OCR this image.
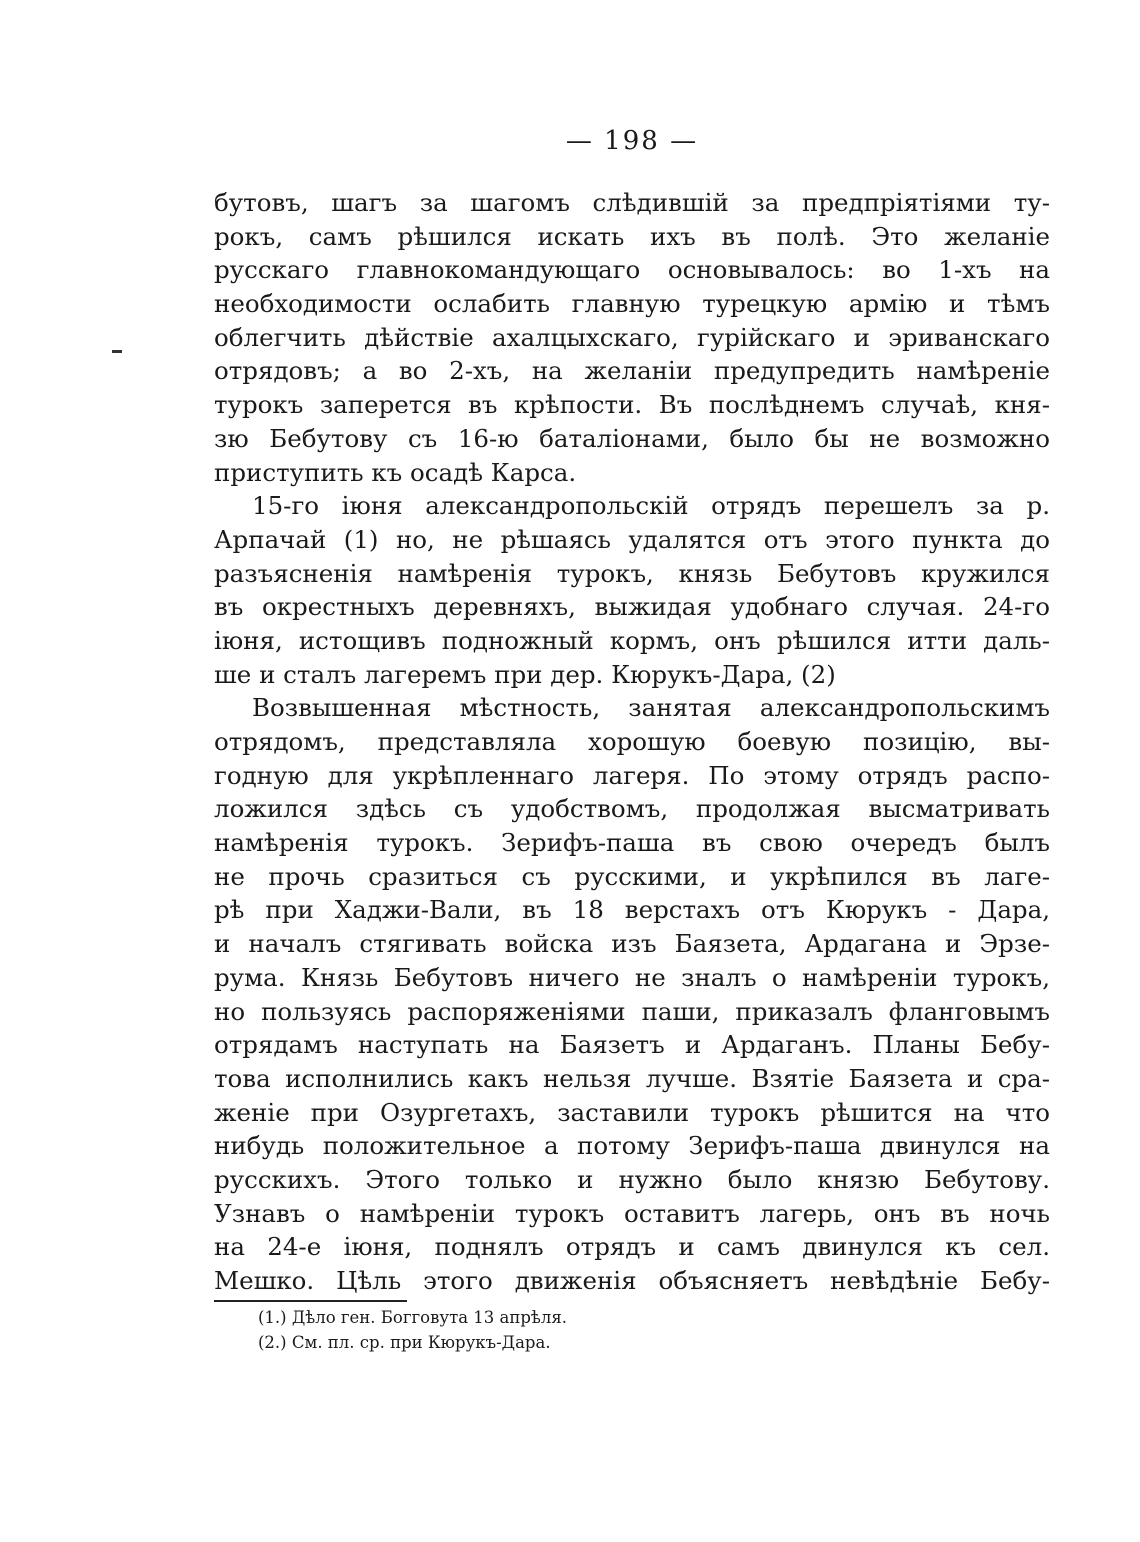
— 198 —
бутовъ, шагъ за шагомъ слѣдившій за предпріятіями ту-
рокъ, самъ рѣшился искать ихъ въ полѣ. Это желаніе
русскаго главнокомандующаго основывалось: во 1-хъ на
необходимости ослабить главную турецкую армію и тѣмъ
облегчить дѣйствіе ахалцыхскаго, гурійскаго и эриванскаго
отрядовъ; а во 2-хъ, на желаніи предупредить намѣреніе
турокъ заперется въ крѣпости. Въ послѣднемъ случаѣ, кня-
зю Бебутову съ 16-ю баталіонами, было бы не возможно
приступить къ осадѣ Карса.
15-го іюня александропольскій отрядъ перешелъ за р.
Арпачай (1) но, не рѣшаясь удалятся отъ этого пункта до
разъясненія намѣренія турокъ, князь Бебутовъ кружился
въ окрестныхъ деревняхъ, выжидая удобнаго случая. 24-го
іюня, истощивъ подножный кормъ, онъ рѣшился итти даль-
ше и сталъ лагеремъ при дер. Кюрукъ-Дара, (2)
Возвышенная мѣстность, занятая александропольскимъ
отрядомъ, представляла хорошую боевую позицію, вы-
годную для укрѣпленнаго лагеря. По этому отрядъ распо-
ложился здѣсь съ удобствомъ, продолжая высматривать
намѣренія турокъ. Зерифъ-паша въ свою очередъ былъ
не прочь сразиться съ русскими, и укрѣпился въ лаге-
рѣ при Хаджи-Вали, въ 18 верстахъ отъ Кюрукъ - Дара,
и началъ стягивать войска изъ Баязета, Ардагана и Эрзе-
рума. Князь Бебутовъ ничего не зналъ о намѣреніи турокъ,
но пользуясь распоряженіями паши, приказалъ фланговымъ
отрядамъ наступать на Баязетъ и Ардаганъ. Планы Бебу-
това исполнились какъ нельзя лучше. Взятіе Баязета и сра-
женіе при Озургетахъ, заставили турокъ рѣшится на что
нибудь положительное а потому Зерифъ-паша двинулся на
русскихъ. Этого только и нужно было князю Бебутову.
Узнавъ о намѣреніи турокъ оставитъ лагерь, онъ въ ночь
на 24-е іюня, поднялъ отрядъ и самъ двинулся къ сел.
Мешко. Цѣль этого движенія объясняетъ невѣдѣніе Бебу-
(1.) Дѣло ген. Богговута 13 апрѣля.
(2.) См. пл. ср. при Кюрукъ-Дара.
